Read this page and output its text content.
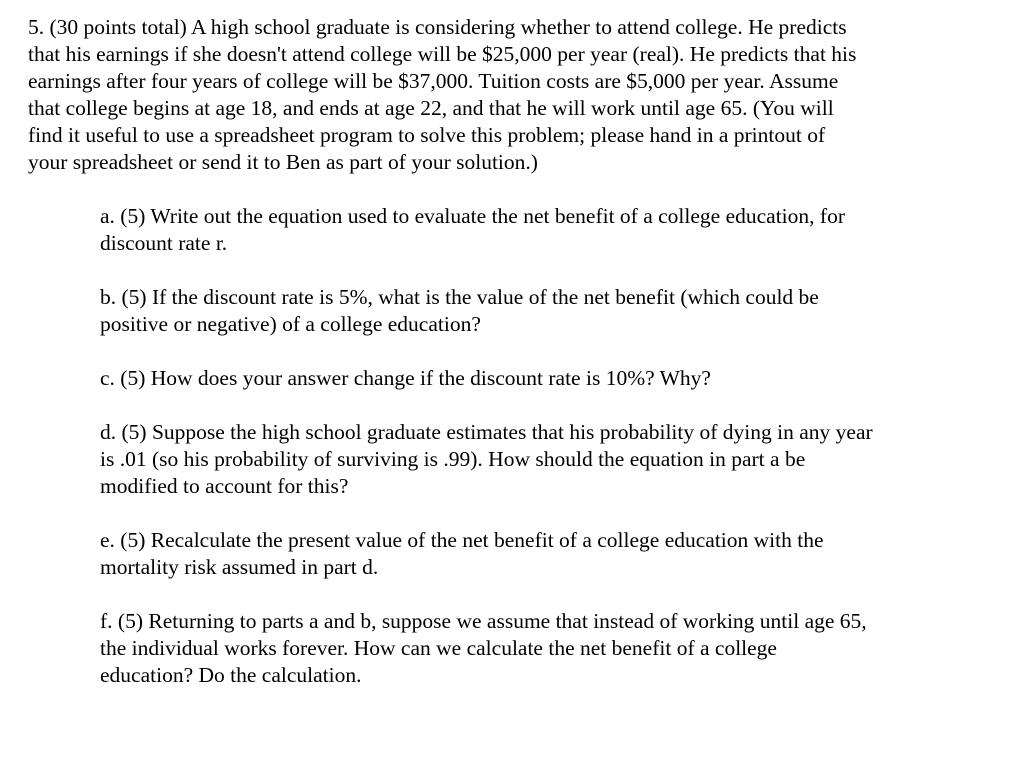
5. (30 points total) A high school graduate is considering whether to attend college. He predicts
that his earnings if she doesn't attend college will be $25,000 per year (real). He predicts that his
earnings after four years of college will be $37,000. Tuition costs are $5,000 per year. Assume
that college begins at age 18, and ends at age 22, and that he will work until age 65. (You will
find it useful to use a spreadsheet program to solve this problem; please hand in a printout of
your spreadsheet or send it to Ben as part of your solution.)

a. (5) Write out the equation used to evaluate the net benefit of a college education, for
discount rate r.

b. (5) If the discount rate is 5%, what is the value of the net benefit (which could be
positive or negative) of a college education?

c. (5) How does your answer change if the discount rate is 10%? Why?

d. (5) Suppose the high school graduate estimates that his probability of dying in any year
is .01 (so his probability of surviving is .99). How should the equation in part a be
modified to account for this?

e. (5) Recalculate the present value of the net benefit of a college education with the
mortality risk assumed in part d.

f. (5) Returning to parts a and b, suppose we assume that instead of working until age 65,
the individual works forever. How can we calculate the net benefit of a college
education? Do the calculation.
